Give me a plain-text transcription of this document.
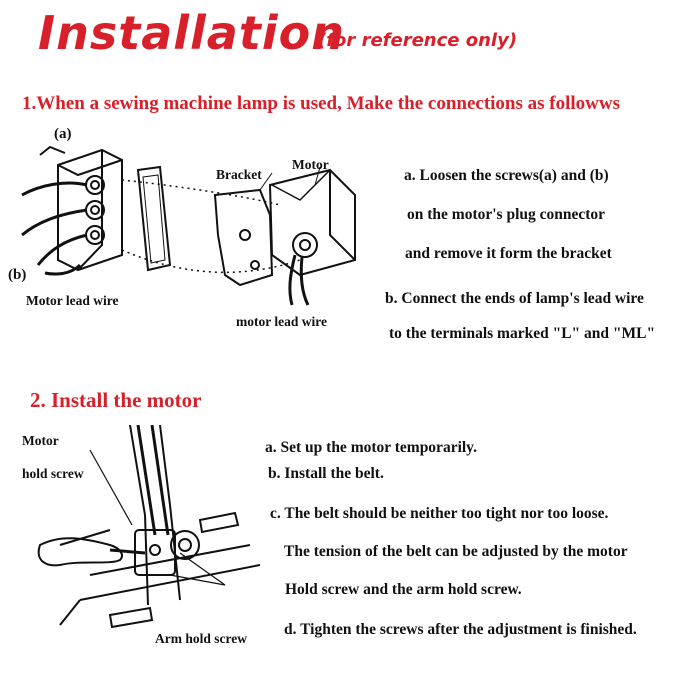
Installation
(for reference only)
1.When a sewing machine lamp is used, Make the connections as followws
(a)
(b)
Motor lead wire
Bracket
Motor
motor lead wire
a. Loosen the screws(a) and (b)
on the motor's plug connector
and remove it form the bracket
b. Connect the ends of lamp's lead wire
to the terminals marked "L" and "ML"
2. Install the motor
Motor
hold screw
Arm hold screw
a. Set up the motor temporarily.
b. Install the belt.
c. The belt should be neither too tight nor too loose.
The tension of the belt can be adjusted by the motor
Hold screw and the arm hold screw.
d. Tighten the screws after the adjustment is finished.
